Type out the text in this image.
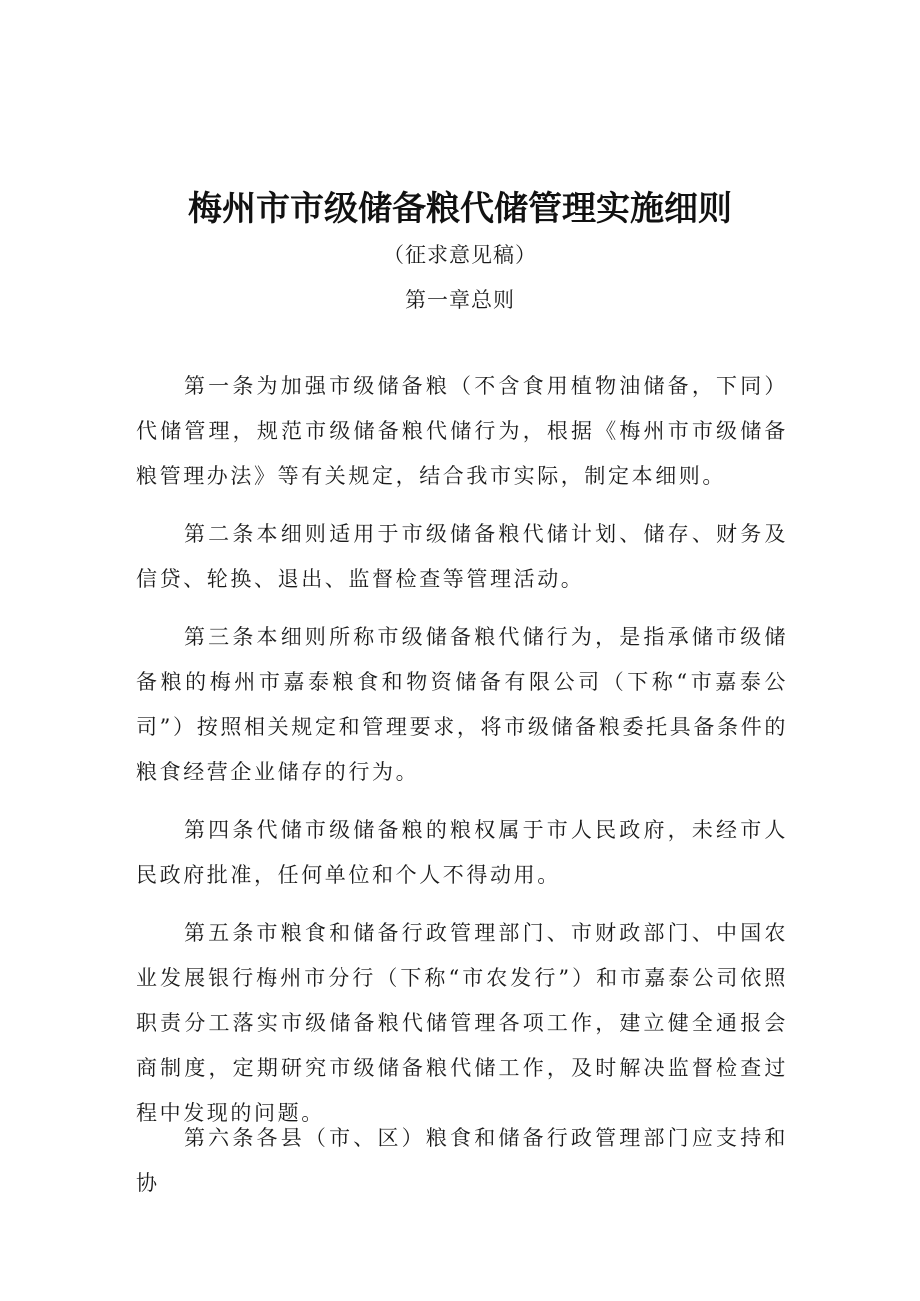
梅州市市级储备粮代储管理实施细则
（征求意见稿）
第一章总则

第一条为加强市级储备粮（不含食用植物油储备，下同）代储管理，规范市级储备粮代储行为，根据《梅州市市级储备粮管理办法》等有关规定，结合我市实际，制定本细则。

第二条本细则适用于市级储备粮代储计划、储存、财务及信贷、轮换、退出、监督检查等管理活动。

第三条本细则所称市级储备粮代储行为，是指承储市级储备粮的梅州市嘉泰粮食和物资储备有限公司（下称“市嘉泰公司”）按照相关规定和管理要求，将市级储备粮委托具备条件的粮食经营企业储存的行为。

第四条代储市级储备粮的粮权属于市人民政府，未经市人民政府批准，任何单位和个人不得动用。

第五条市粮食和储备行政管理部门、市财政部门、中国农业发展银行梅州市分行（下称“市农发行”）和市嘉泰公司依照职责分工落实市级储备粮代储管理各项工作，建立健全通报会商制度，定期研究市级储备粮代储工作，及时解决监督检查过程中发现的问题。

第六条各县（市、区）粮食和储备行政管理部门应支持和协
